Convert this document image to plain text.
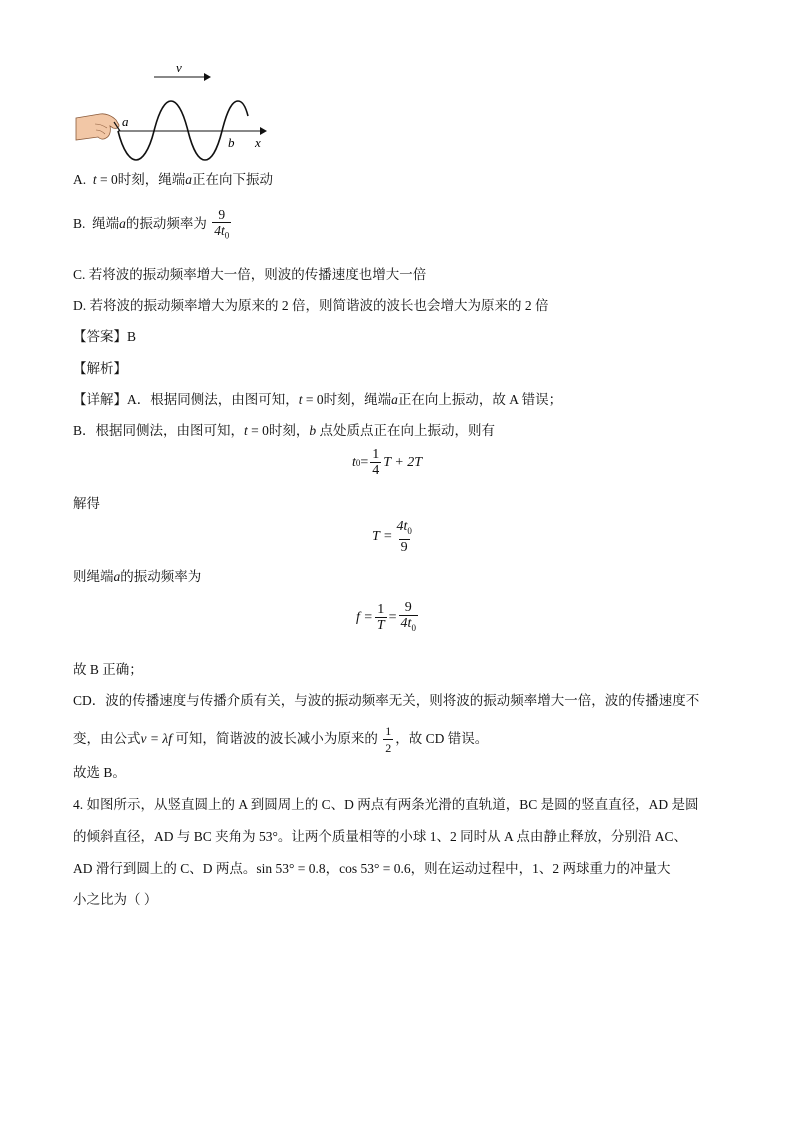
v
x
a
b
A. t = 0时刻，绳端a正在向下振动
B. 绳端a的振动频率为 $\frac{9}{4t_0}$
C. 若将波的振动频率增大一倍，则波的传播速度也增大一倍
D. 若将波的振动频率增大为原来的 2 倍，则简谐波的波长也会增大为原来的 2 倍
【答案】B
【解析】
【详解】A．根据同侧法，由图可知，t = 0时刻，绳端a正在向上振动，故 A 错误；
B．根据同侧法，由图可知，t = 0时刻，b 点处质点正在向上振动，则有
t $0 = \frac{1}{4}$ T + 2T
解得
$T = \frac{4t_0}{9}$
则绳端a的振动频率为
$f = \frac{1}{T} = \frac{9}{4t_0}$
故 B 正确；
CD．波的传播速度与传播介质有关，与波的振动频率无关，则将波的振动频率增大一倍，波的传播速度不
变，由公式v = λf 可知，简谐波的波长减小为原来的 $\frac{1}{2}$ ，故 CD 错误。
故选 B。
4. 如图所示，从竖直圆上的 A 到圆周上的 C、D 两点有两条光滑的直轨道，BC 是圆的竖直直径，AD 是圆
的倾斜直径，AD 与 BC 夹角为 53°。让两个质量相等的小球 1、2 同时从 A 点由静止释放，分别沿 AC、
AD 滑行到圆上的 C、D 两点。sin 53° = 0.8，cos 53° = 0.6，则在运动过程中，1、2 两球重力的冲量大
小之比为（ ）
